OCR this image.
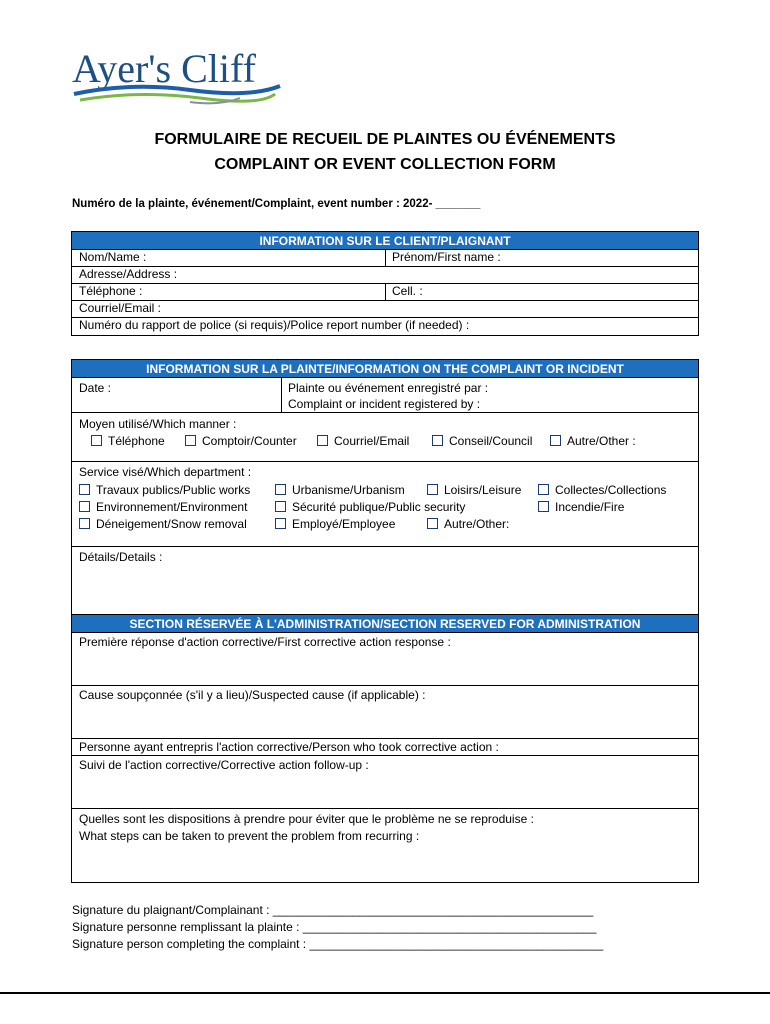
Ayer's Cliff
FORMULAIRE DE RECUEIL DE PLAINTES OU ÉVÉNEMENTS
COMPLAINT OR EVENT COLLECTION FORM
Numéro de la plainte, événement/Complaint, event number : 2022- _______
INFORMATION SUR LE CLIENT/PLAIGNANT
Nom/Name :	Prénom/First name :
Adresse/Address :
Téléphone :	Cell. :
Courriel/Email :
Numéro du rapport de police (si requis)/Police report number (if needed) :
INFORMATION SUR LA PLAINTE/INFORMATION ON THE COMPLAINT OR INCIDENT
Date :	Plainte ou événement enregistré par :
Complaint or incident registered by :
Moyen utilisé/Which manner :
Téléphone	Comptoir/Counter	Courriel/Email	Conseil/Council	Autre/Other :
Service visé/Which department :
Travaux publics/Public works
Environnement/Environment
Déneigement/Snow removal
Urbanisme/Urbanism
Sécurité publique/Public security
Employé/Employee
Loisirs/Leisure
Autre/Other:
Collectes/Collections
Incendie/Fire
Détails/Details :
SECTION RÉSERVÉE À L'ADMINISTRATION/SECTION RESERVED FOR ADMINISTRATION
Première réponse d'action corrective/First corrective action response :
Cause soupçonnée (s'il y a lieu)/Suspected cause (if applicable) :
Personne ayant entrepris l'action corrective/Person who took corrective action :
Suivi de l'action corrective/Corrective action follow-up :
Quelles sont les dispositions à prendre pour éviter que le problème ne se reproduise :
What steps can be taken to prevent the problem from recurring :
Signature du plaignant/Complainant : ________________________________________________
Signature personne remplissant la plainte : ____________________________________________
Signature person completing the complaint : ____________________________________________
